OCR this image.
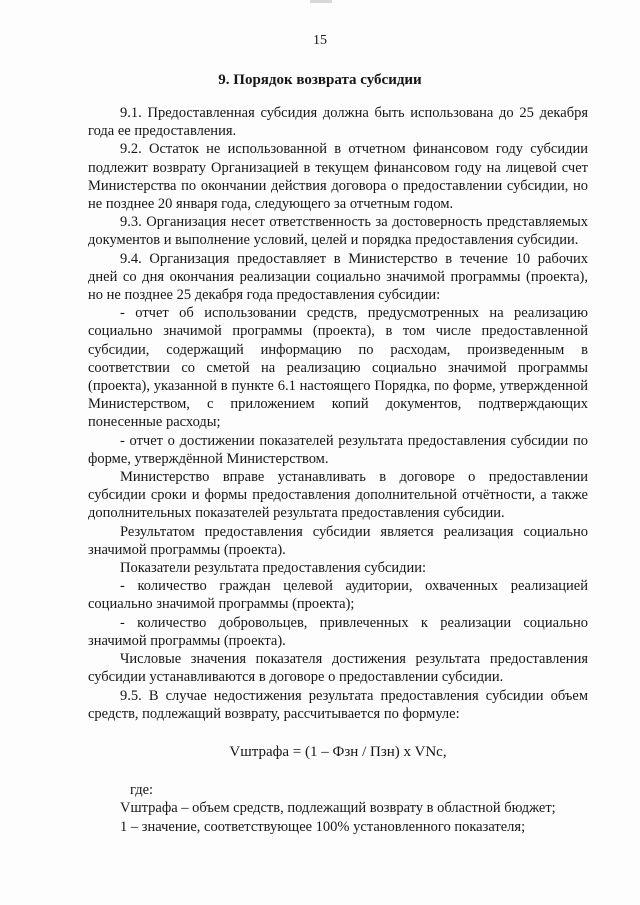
15
9. Порядок возврата субсидии

9.1. Предоставленная субсидия должна быть использована до 25 декабря года ее предоставления.

9.2. Остаток не использованной в отчетном финансовом году субсидии подлежит возврату Организацией в текущем финансовом году на лицевой счет Министерства по окончании действия договора о предоставлении субсидии, но не позднее 20 января года, следующего за отчетным годом.

9.3. Организация несет ответственность за достоверность представляемых документов и выполнение условий, целей и порядка предоставления субсидии.

9.4. Организация предоставляет в Министерство в течение 10 рабочих дней со дня окончания реализации социально значимой программы (проекта), но не позднее 25 декабря года предоставления субсидии:

- отчет об использовании средств, предусмотренных на реализацию социально значимой программы (проекта), в том числе предоставленной субсидии, содержащий информацию по расходам, произведенным в соответствии со сметой на реализацию социально значимой программы (проекта), указанной в пункте 6.1 настоящего Порядка, по форме, утвержденной Министерством, с приложением копий документов, подтверждающих понесенные расходы;

- отчет о достижении показателей результата предоставления субсидии по форме, утверждённой Министерством.

Министерство вправе устанавливать в договоре о предоставлении субсидии сроки и формы предоставления дополнительной отчётности, а также дополнительных показателей результата предоставления субсидии.

Результатом предоставления субсидии является реализация социально значимой программы (проекта).

Показатели результата предоставления субсидии:

- количество граждан целевой аудитории, охваченных реализацией социально значимой программы (проекта);

- количество добровольцев, привлеченных к реализации социально значимой программы (проекта).

Числовые значения показателя достижения результата предоставления субсидии устанавливаются в договоре о предоставлении субсидии.

9.5. В случае недостижения результата предоставления субсидии объем средств, подлежащий возврату, рассчитывается по формуле:

Vштрафа = (1 – Фзн / Пзн) x VNс,

где:

Vштрафа – объем средств, подлежащий возврату в областной бюджет;

1 – значение, соответствующее 100% установленного показателя;
